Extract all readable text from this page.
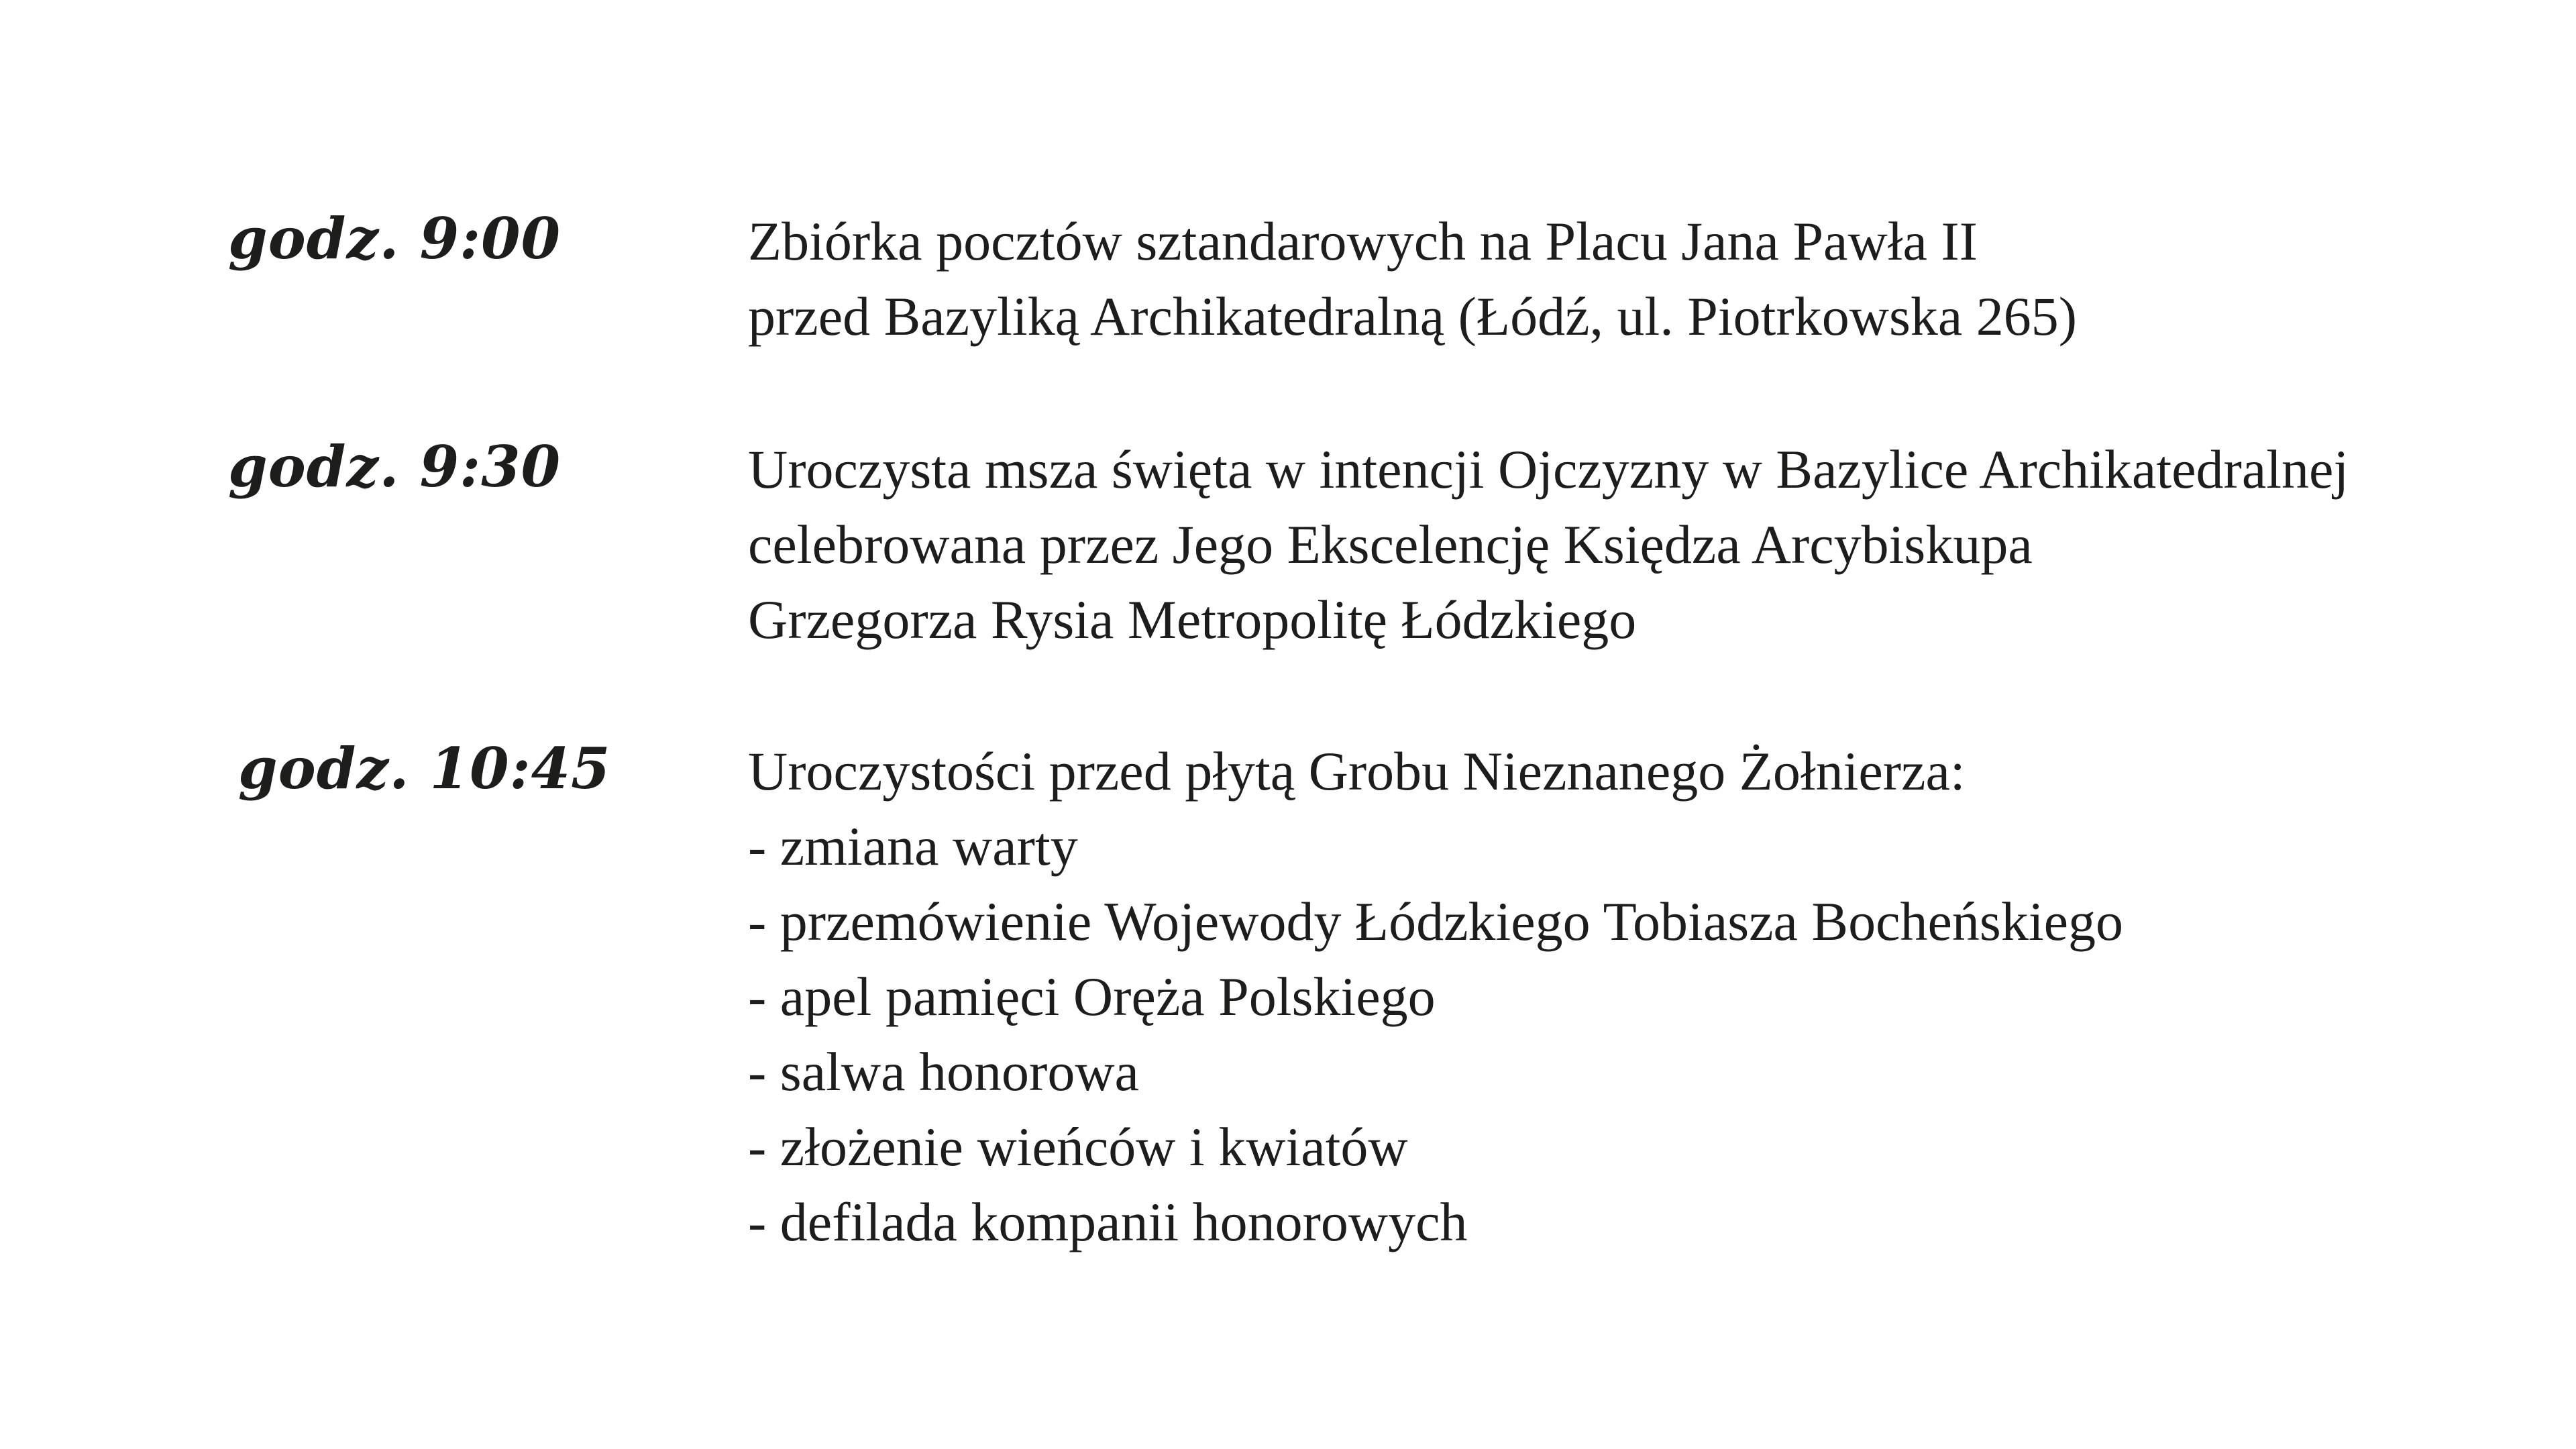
godz. 9:00	Zbiórka pocztów sztandarowych na Placu Jana Pawła II
przed Bazyliką Archikatedralną (Łódź, ul. Piotrkowska 265)
godz. 9:30	Uroczysta msza święta w intencji Ojczyzny w Bazylice Archikatedralnej
celebrowana przez Jego Ekscelencję Księdza Arcybiskupa
Grzegorza Rysia Metropolitę Łódzkiego
godz. 10:45 Uroczystości przed płytą Grobu Nieznanego Żołnierza:
- zmiana warty
- przemówienie Wojewody Łódzkiego Tobiasza Bocheńskiego
- apel pamięci Oręża Polskiego
- salwa honorowa
- złożenie wieńców i kwiatów
- defilada kompanii honorowych
